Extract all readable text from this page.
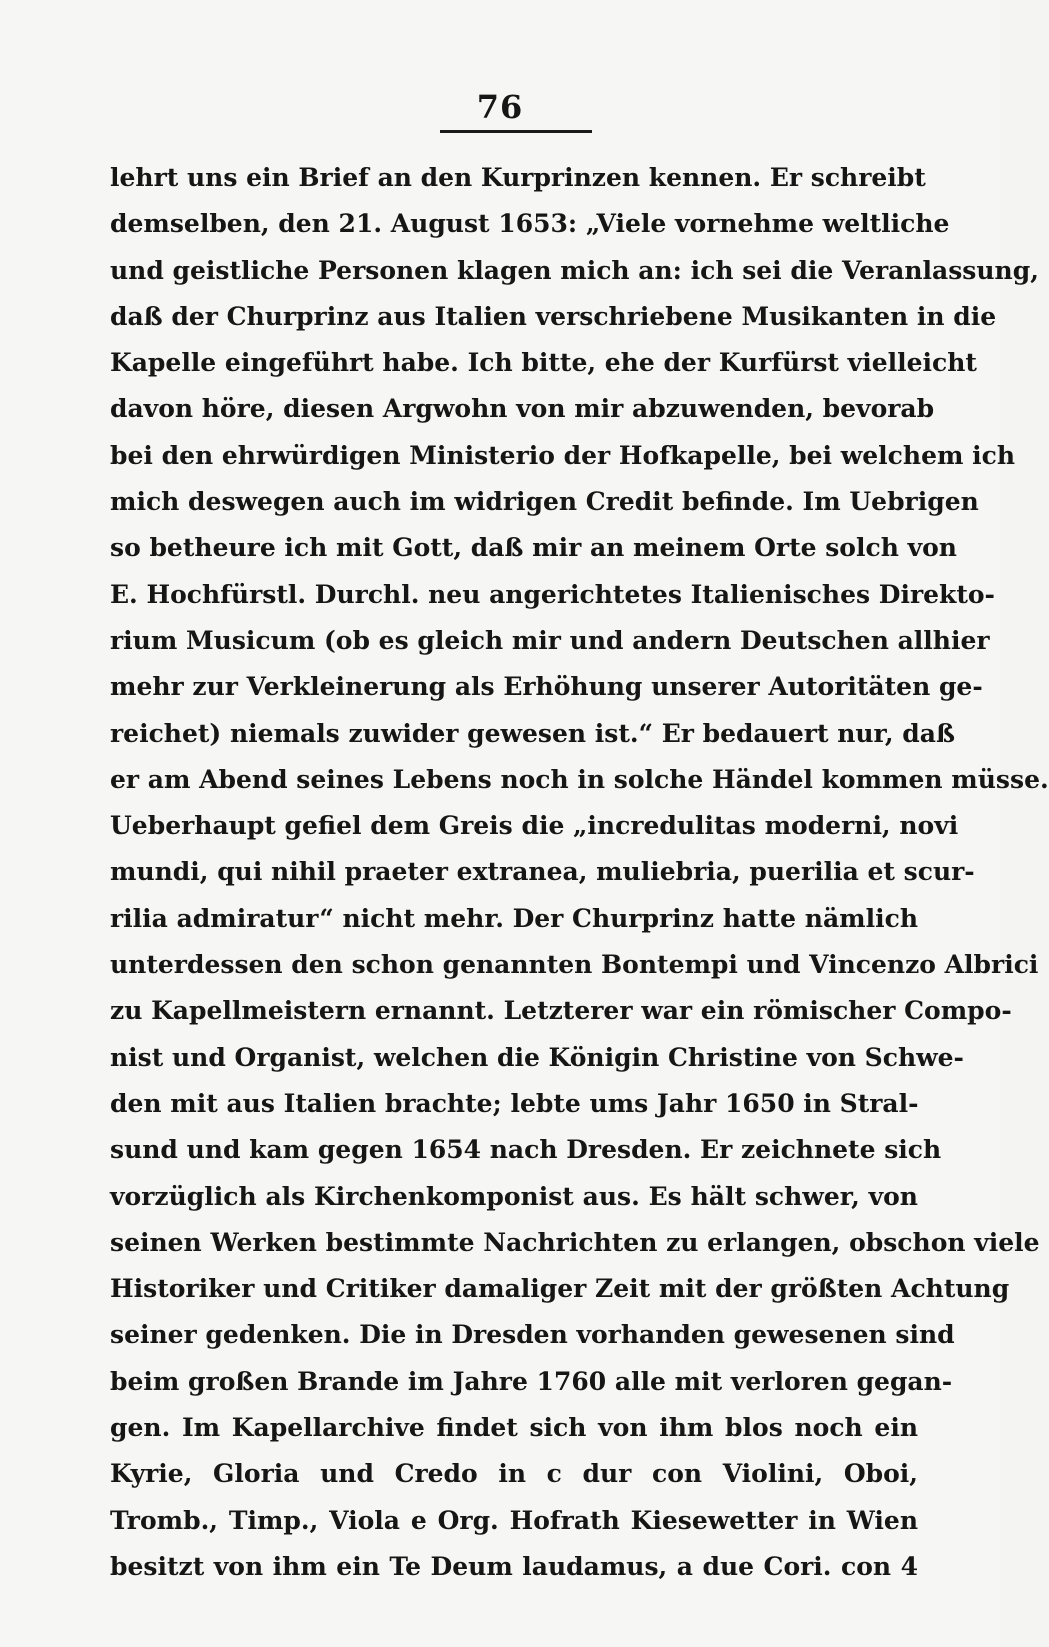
76
lehrt uns ein Brief an den Kurprinzen kennen. Er schreibt
demselben, den 21. August 1653: „Viele vornehme weltliche
und geistliche Personen klagen mich an: ich sei die Veranlassung,
daß der Churprinz aus Italien verschriebene Musikanten in die
Kapelle eingeführt habe. Ich bitte, ehe der Kurfürst vielleicht
davon höre, diesen Argwohn von mir abzuwenden, bevorab
bei den ehrwürdigen Ministerio der Hofkapelle, bei welchem ich
mich deswegen auch im widrigen Credit befinde. Im Uebrigen
so betheure ich mit Gott, daß mir an meinem Orte solch von
E. Hochfürstl. Durchl. neu angerichtetes Italienisches Direkto-
rium Musicum (ob es gleich mir und andern Deutschen allhier
mehr zur Verkleinerung als Erhöhung unserer Autoritäten ge-
reichet) niemals zuwider gewesen ist.“ Er bedauert nur, daß
er am Abend seines Lebens noch in solche Händel kommen müsse.
Ueberhaupt gefiel dem Greis die „incredulitas moderni, novi
mundi, qui nihil praeter extranea, muliebria, puerilia et scur-
rilia admiratur“ nicht mehr. Der Churprinz hatte nämlich
unterdessen den schon genannten Bontempi und Vincenzo Albrici
zu Kapellmeistern ernannt. Letzterer war ein römischer Compo-
nist und Organist, welchen die Königin Christine von Schwe-
den mit aus Italien brachte; lebte ums Jahr 1650 in Stral-
sund und kam gegen 1654 nach Dresden. Er zeichnete sich
vorzüglich als Kirchenkomponist aus. Es hält schwer, von
seinen Werken bestimmte Nachrichten zu erlangen, obschon viele
Historiker und Critiker damaliger Zeit mit der größten Achtung
seiner gedenken. Die in Dresden vorhanden gewesenen sind
beim großen Brande im Jahre 1760 alle mit verloren gegan-
gen. Im Kapellarchive findet sich von ihm blos noch ein
Kyrie, Gloria und Credo in c dur con Violini, Oboi,
Tromb., Timp., Viola e Org. Hofrath Kiesewetter in Wien
besitzt von ihm ein Te Deum laudamus, a due Cori. con 4
